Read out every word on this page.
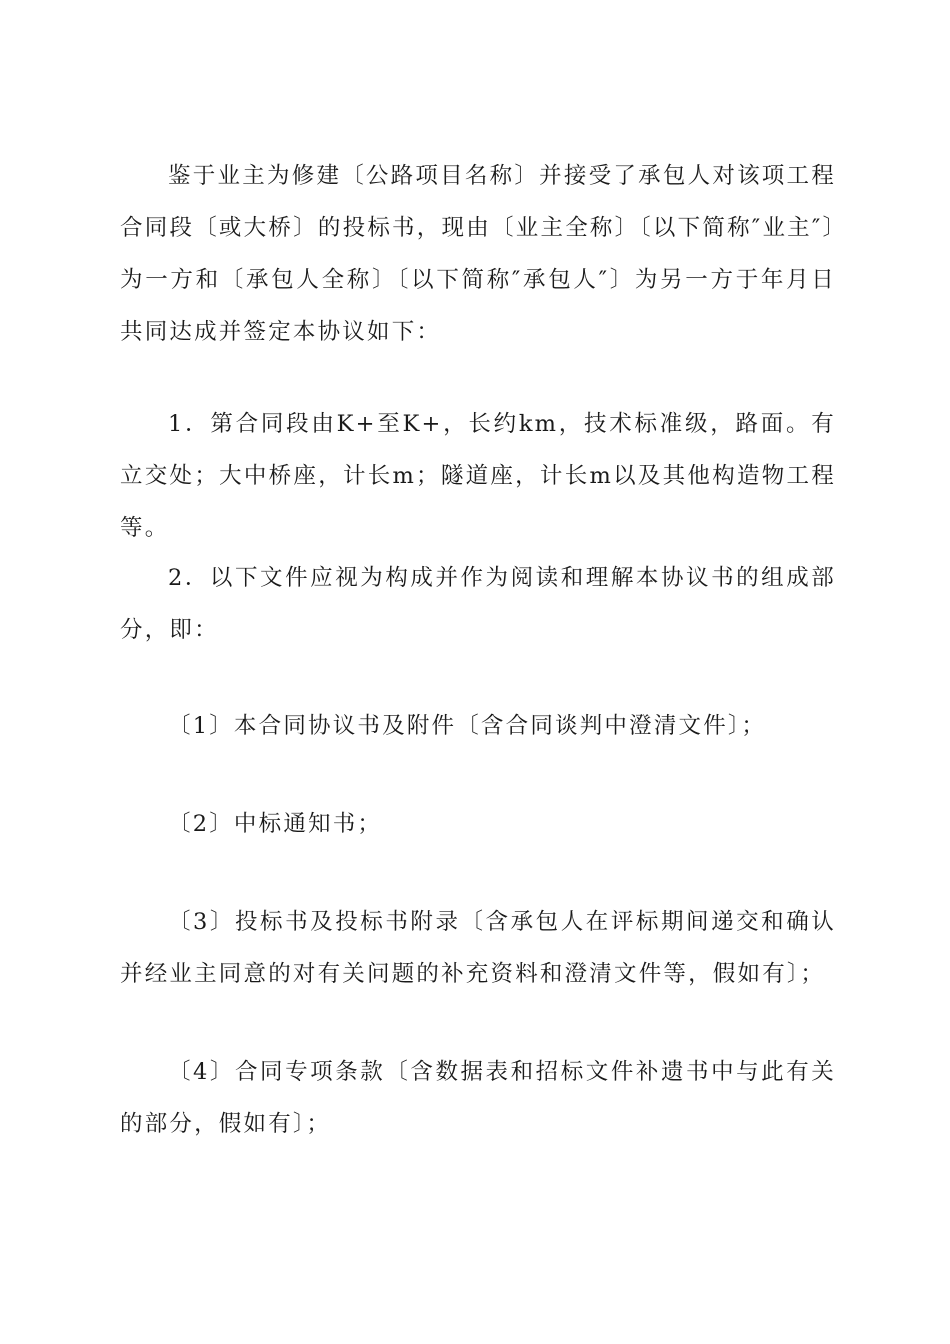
鉴于业主为修建〔公路项目名称〕并接受了承包人对该项工程合同段〔或大桥〕的投标书，现由〔业主全称〕〔以下简称″业主″〕为一方和〔承包人全称〕〔以下简称″承包人″〕为另一方于年月日共同达成并签定本协议如下：

1．第合同段由K+至K+，长约km，技术标准级，路面。有立交处；大中桥座，计长m；隧道座，计长m以及其他构造物工程等。

2．以下文件应视为构成并作为阅读和理解本协议书的组成部分，即：

〔1〕本合同协议书及附件〔含合同谈判中澄清文件〕；

〔2〕中标通知书；

〔3〕投标书及投标书附录〔含承包人在评标期间递交和确认并经业主同意的对有关问题的补充资料和澄清文件等，假如有〕；

〔4〕合同专项条款〔含数据表和招标文件补遗书中与此有关的部分，假如有〕；
